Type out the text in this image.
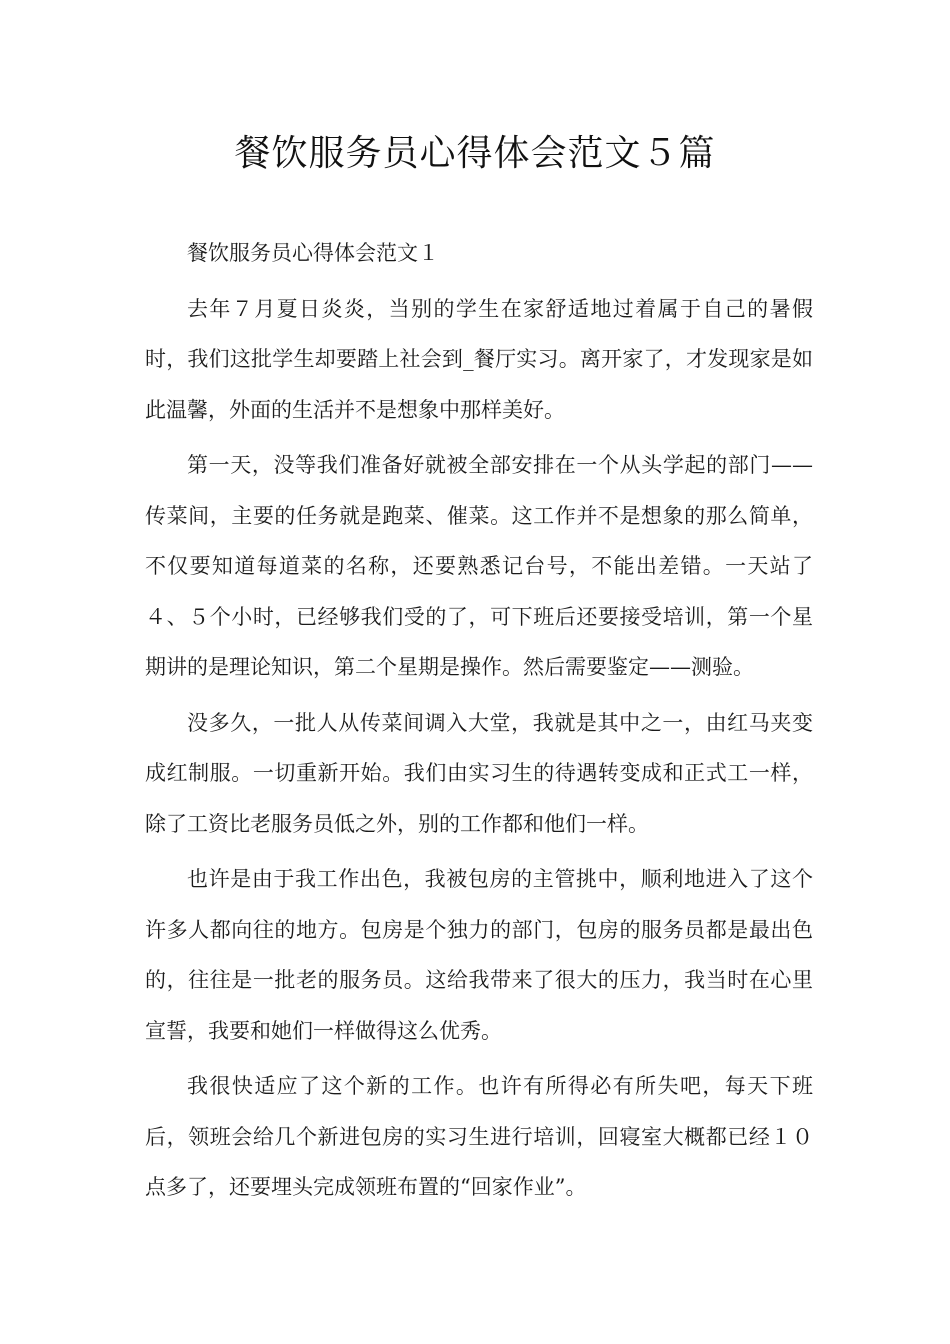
餐饮服务员心得体会范文５篇

餐饮服务员心得体会范文１

去年７月夏日炎炎，当别的学生在家舒适地过着属于自己的暑假时，我们这批学生却要踏上社会到_餐厅实习。离开家了，才发现家是如此温馨，外面的生活并不是想象中那样美好。

第一天，没等我们准备好就被全部安排在一个从头学起的部门——传菜间，主要的任务就是跑菜、催菜。这工作并不是想象的那么简单，不仅要知道每道菜的名称，还要熟悉记台号，不能出差错。一天站了４、５个小时，已经够我们受的了，可下班后还要接受培训，第一个星期讲的是理论知识，第二个星期是操作。然后需要鉴定——测验。

没多久，一批人从传菜间调入大堂，我就是其中之一，由红马夹变成红制服。一切重新开始。我们由实习生的待遇转变成和正式工一样，除了工资比老服务员低之外，别的工作都和他们一样。

也许是由于我工作出色，我被包房的主管挑中，顺利地进入了这个许多人都向往的地方。包房是个独力的部门，包房的服务员都是最出色的，往往是一批老的服务员。这给我带来了很大的压力，我当时在心里宣誓，我要和她们一样做得这么优秀。

我很快适应了这个新的工作。也许有所得必有所失吧，每天下班后，领班会给几个新进包房的实习生进行培训，回寝室大概都已经１０点多了，还要埋头完成领班布置的“回家作业”。
